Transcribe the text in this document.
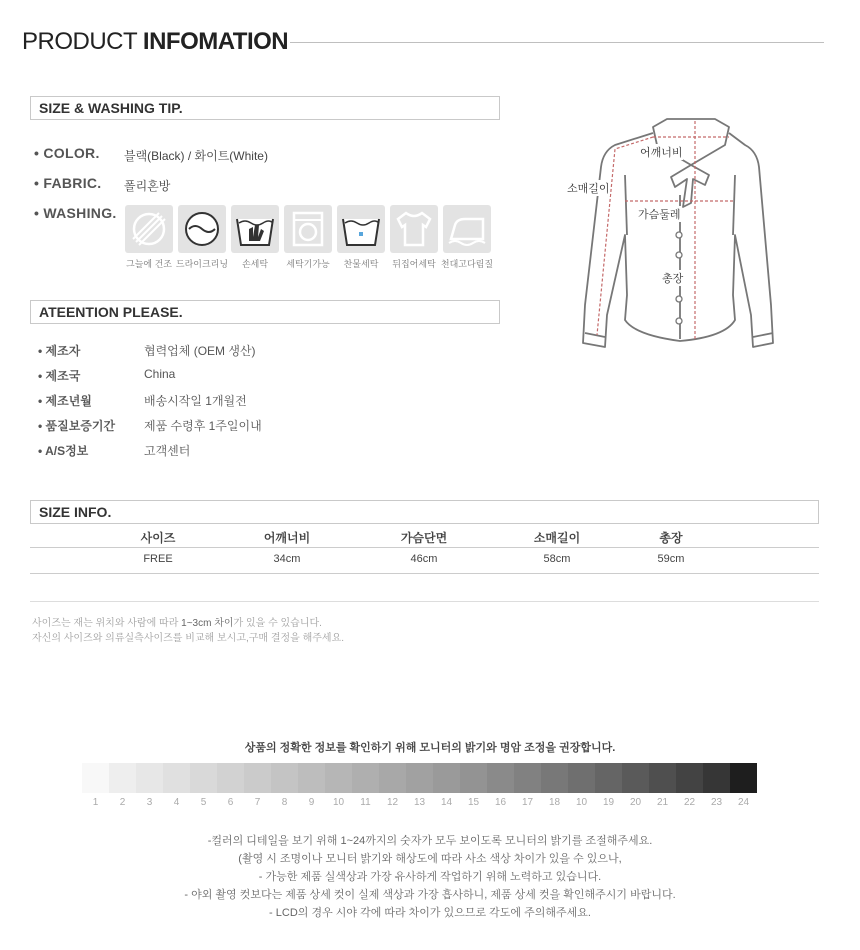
PRODUCT INFOMATION
SIZE & WASHING TIP.
• COLOR. 블랙(Black) / 화이트(White)
• FABRIC. 폴리혼방
• WASHING.
그늘에 건조 드라이크리닝	손세탁	세탁기가능	찬물세탁	뒤집어세탁 천대고다림질
ATEENTION PLEASE.
• 제조자	협력업체 (OEM 생산)
• 제조국	China
• 제조년월	배송시작일 1개월전
• 품질보증기간 제품 수령후 1주일이내
• A/S정보	고객센터
어깨너비
소매길이
가슴둘레
총장
SIZE INFO.
사이즈	어깨너비	가슴단면	소매길이	총장
FREE	34cm	46cm	58cm	59cm
사이즈는 재는 위치와 사람에 따라 1~3cm 차이가 있을 수 있습니다.
자신의 사이즈와 의류실측사이즈를 비교해 보시고,구매 결정을 해주세요.
상품의 정확한 정보를 확인하기 위해 모니터의 밝기와 명암 조정을 권장합니다.
1	2	3	4	5	6	7	8	9	10	11	12	13	14	15	16	17	18	10	19	20	21	22	23	24
-컬러의 디테일을 보기 위해 1~24까지의 숫자가 모두 보이도록 모니터의 밝기를 조절해주세요.
(촬영 시 조명이나 모니터 밝기와 해상도에 따라 사소 색상 차이가 있을 수 있으나,
- 가능한 제품 실색상과 가장 유사하게 작업하기 위해 노력하고 있습니다.
- 야외 촬영 컷보다는 제품 상세 컷이 실제 색상과 가장 흡사하니, 제품 상세 컷을 확인해주시기 바랍니다.
- LCD의 경우 시야 각에 따라 차이가 있으므로 각도에 주의해주세요.
